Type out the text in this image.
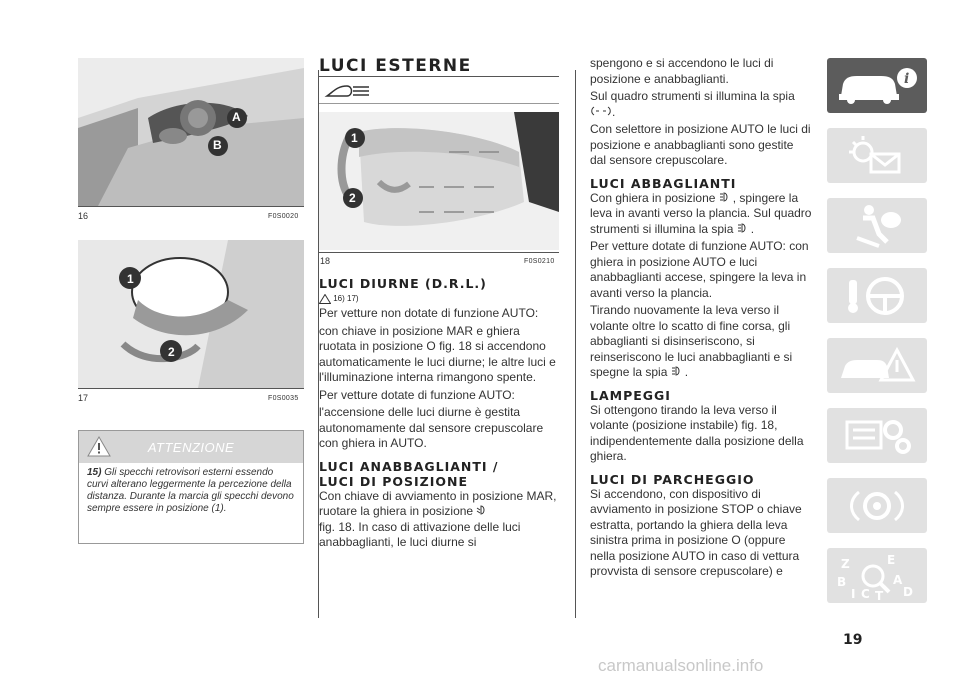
A
B
16	F0S0020
1
2
17	F0S0035
ATTENZIONE
15) Gli specchi retrovisori esterni essendo curvi alterano leggermente la percezione della distanza. Durante la marcia gli specchi devono sempre essere in posizione (1).
LUCI ESTERNE
1
2
18	F0S0210
LUCI DIURNE (D.R.L.)
16) 17)

Per vetture non dotate di funzione AUTO:

con chiave in posizione MAR e ghiera ruotata in posizione O fig. 18 si accendono automaticamente le luci diurne; le altre luci e l'illuminazione interna rimangono spente.

Per vetture dotate di funzione AUTO:

l'accensione delle luci diurne è gestita autonomamente dal sensore crepuscolare con ghiera in AUTO.

LUCI ANABBAGLIANTI /
LUCI DI POSIZIONE

Con chiave di avviamento in posizione MAR, ruotare la ghiera in posizione

fig. 18. In caso di attivazione delle luci anabbaglianti, le luci diurne si

spengono e si accendono le luci di posizione e anabbaglianti.

Sul quadro strumenti si illumina la spia .

Con selettore in posizione AUTO le luci di posizione e anabbaglianti sono gestite dal sensore crepuscolare.

LUCI ABBAGLIANTI

Con ghiera in posizione , spingere la leva in avanti verso la plancia. Sul quadro strumenti si illumina la spia .

Per vetture dotate di funzione AUTO: con ghiera in posizione AUTO e luci anabbaglianti accese, spingere la leva in avanti verso la plancia.

Tirando nuovamente la leva verso il volante oltre lo scatto di fine corsa, gli abbaglianti si disinseriscono, si reinseriscono le luci anabbaglianti e si spegne la spia .

LAMPEGGI

Si ottengono tirando la leva verso il volante (posizione instabile) fig. 18, indipendentemente dalla posizione della ghiera.

LUCI DI PARCHEGGIO

Si accendono, con dispositivo di avviamento in posizione STOP o chiave estratta, portando la ghiera della leva sinistra prima in posizione O (oppure nella posizione AUTO in caso di vettura provvista di sensore crepuscolare) e

i
Z	E
B	A
D
I C T
19
carmanualsonline.info
